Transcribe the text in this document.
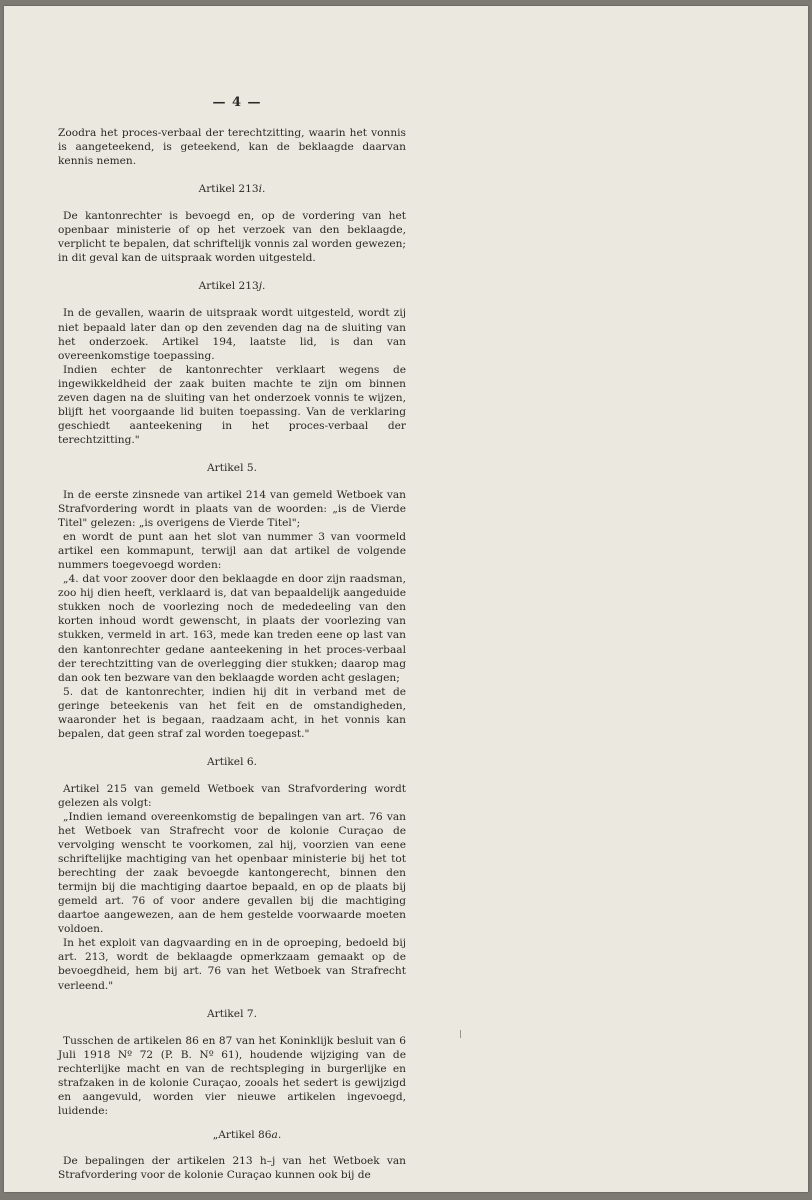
— 4 —

Zoodra het proces-verbaal der terechtzitting, waarin het vonnis is aangeteekend, is geteekend, kan de beklaagde daarvan kennis nemen.

Artikel 213i.

De kantonrechter is bevoegd en, op de vordering van het openbaar ministerie of op het verzoek van den beklaagde, verplicht te bepalen, dat schriftelijk vonnis zal worden gewezen; in dit geval kan de uitspraak worden uitgesteld.

Artikel 213j.

In de gevallen, waarin de uitspraak wordt uitgesteld, wordt zij niet bepaald later dan op den zevenden dag na de sluiting van het onderzoek. Artikel 194, laatste lid, is dan van overeenkomstige toepassing.

Indien echter de kantonrechter verklaart wegens de ingewikkeldheid der zaak buiten machte te zijn om binnen zeven dagen na de sluiting van het onderzoek vonnis te wijzen, blijft het voorgaande lid buiten toepassing. Van de verklaring geschiedt aanteekening in het proces-verbaal der terechtzitting."

Artikel 5.

In de eerste zinsnede van artikel 214 van gemeld Wetboek van Strafvordering wordt in plaats van de woorden: „is de Vierde Titel" gelezen: „is overigens de Vierde Titel";

en wordt de punt aan het slot van nummer 3 van voormeld artikel een kommapunt, terwijl aan dat artikel de volgende nummers toegevoegd worden:

„4. dat voor zoover door den beklaagde en door zijn raadsman, zoo hij dien heeft, verklaard is, dat van bepaaldelijk aangeduide stukken noch de voorlezing noch de mededeeling van den korten inhoud wordt gewenscht, in plaats der voorlezing van stukken, vermeld in art. 163, mede kan treden eene op last van den kantonrechter gedane aanteekening in het proces-verbaal der terechtzitting van de overlegging dier stukken; daarop mag dan ook ten bezware van den beklaagde worden acht geslagen;

5. dat de kantonrechter, indien hij dit in verband met de geringe beteekenis van het feit en de omstandigheden, waaronder het is begaan, raadzaam acht, in het vonnis kan bepalen, dat geen straf zal worden toegepast."

Artikel 6.

Artikel 215 van gemeld Wetboek van Strafvordering wordt gelezen als volgt:

„Indien iemand overeenkomstig de bepalingen van art. 76 van het Wetboek van Strafrecht voor de kolonie Curaçao de vervolging wenscht te voorkomen, zal hij, voorzien van eene schriftelijke machtiging van het openbaar ministerie bij het tot berechting der zaak bevoegde kantongerecht, binnen den termijn bij die machtiging daartoe bepaald, en op de plaats bij gemeld art. 76 of voor andere gevallen bij die machtiging daartoe aangewezen, aan de hem gestelde voorwaarde moeten voldoen.

In het exploit van dagvaarding en in de oproeping, bedoeld bij art. 213, wordt de beklaagde opmerkzaam gemaakt op de bevoegdheid, hem bij art. 76 van het Wetboek van Strafrecht verleend."

Artikel 7.

Tusschen de artikelen 86 en 87 van het Koninklijk besluit van 6 Juli 1918 Nº 72 (P. B. Nº 61), houdende wijziging van de rechterlijke macht en van de rechtspleging in burgerlijke en strafzaken in de kolonie Curaçao, zooals het sedert is gewijzigd en aangevuld, worden vier nieuwe artikelen ingevoegd, luidende:

„Artikel 86a.

De bepalingen der artikelen 213 h–j van het Wetboek van Strafvordering voor de kolonie Curaçao kunnen ook bij de
